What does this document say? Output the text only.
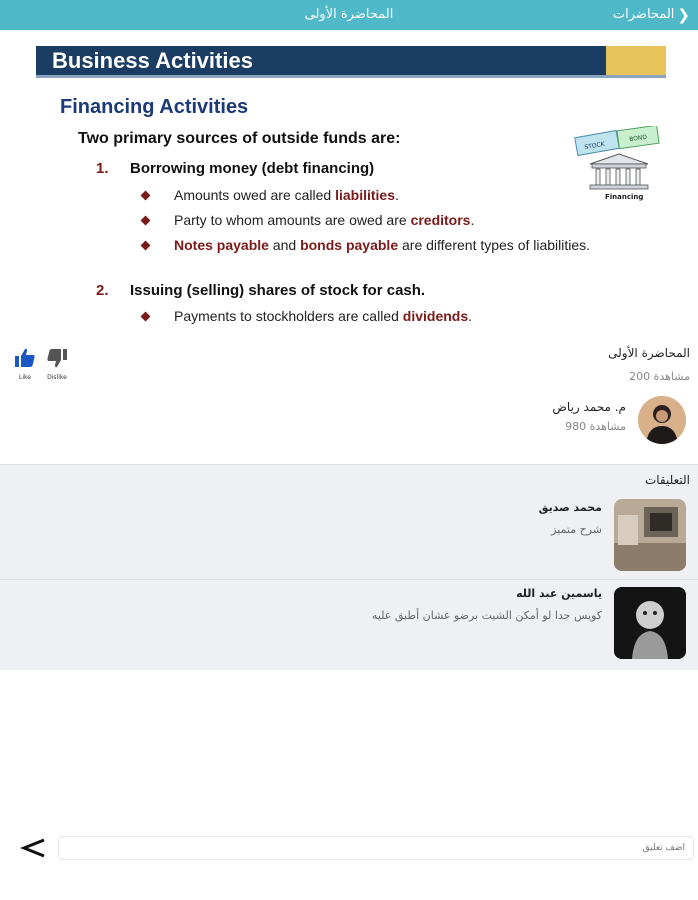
المحاضرة الأولى	❮
المحاضرات
Business Activities
Financing Activities
Two primary sources of outside funds are:
1. Borrowing money (debt financing)
Amounts owed are called liabilities.
Party to whom amounts are owed are creditors.
Notes payable and bonds payable are different types of liabilities.
2. Issuing (selling) shares of stock for cash.
Payments to stockholders are called dividends.
STOCK
BOND
Financing
Like	Dislike
المحاضرة الأولى
200 مشاهدة
م. محمد رياض
980 مشاهدة
التعليقات
محمد صديق
شرح متميز
ياسمين عبد الله
كويس جدا لو أمكن الشيت برضو عشان أطبق عليه
أضف تعليق
